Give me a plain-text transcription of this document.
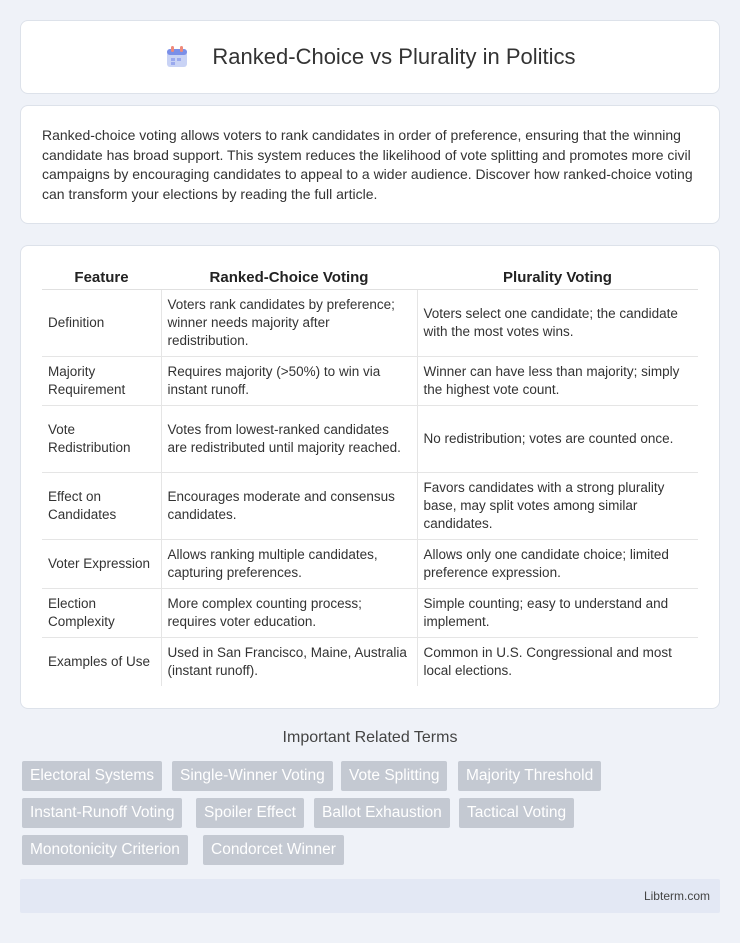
Ranked-Choice vs Plurality in Politics

Ranked-choice voting allows voters to rank candidates in order of preference, ensuring that the winning candidate has broad support. This system reduces the likelihood of vote splitting and promotes more civil campaigns by encouraging candidates to appeal to a wider audience. Discover how ranked-choice voting can transform your elections by reading the full article.

Feature	Ranked-Choice Voting	Plurality Voting
Definition	Voters rank candidates by preference; winner needs majority after redistribution.	Voters select one candidate; the candidate with the most votes wins.
Majority Requirement	Requires majority (>50%) to win via instant runoff.	Winner can have less than majority; simply the highest vote count.
Vote Redistribution	Votes from lowest-ranked candidates are redistributed until majority reached.	No redistribution; votes are counted once.
Effect on Candidates	Encourages moderate and consensus candidates.	Favors candidates with a strong plurality base, may split votes among similar candidates.
Voter Expression	Allows ranking multiple candidates, capturing preferences.	Allows only one candidate choice; limited preference expression.
Election Complexity	More complex counting process; requires voter education.	Simple counting; easy to understand and implement.
Examples of Use	Used in San Francisco, Maine, Australia (instant runoff).	Common in U.S. Congressional and most local elections.
Important Related Terms
Electoral Systems	Single-Winner Voting	Vote Splitting	Majority Threshold
Instant-Runoff Voting	Spoiler Effect	Ballot Exhaustion	Tactical Voting
Monotonicity Criterion	Condorcet Winner
Libterm.com
